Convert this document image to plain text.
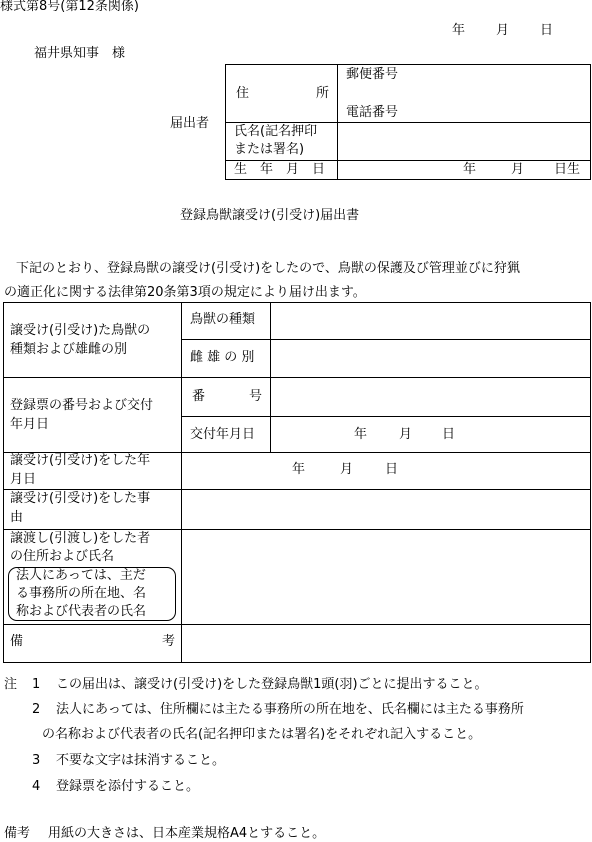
様式第8号(第12条関係)
年 月 日
福井県知事　様
届出者
住 所	郵便番号
電話番号

氏名(記名押印
または署名)	

生　年　月　日	年 月 日生
登録鳥獣譲受け(引受け)届出書
下記のとおり、登録鳥獣の譲受け(引受け)をしたので、鳥獣の保護及び管理並びに狩猟
の適正化に関する法律第20条第3項の規定により届け出ます。
譲受け(引受け)た鳥獣の
種類および雄雌の別	鳥獣の種類	

	雌 雄 の 別	

登録票の番号および交付
年月日	番 号	

	交付年月日	年 月 日

譲受け(引受け)をした年
月日	年 月 日	

譲受け(引受け)をした事
由		

譲渡し(引渡し)をした者
の住所および氏名
法人にあっては、主だ
る事務所の所在地、名
称および代表者の氏名		

備 考		

注 1 この届出は、譲受け(引受け)をした登録鳥獣1頭(羽)ごとに提出すること。
2 法人にあっては、住所欄には主たる事務所の所在地を、氏名欄には主たる事務所
の名称および代表者の氏名(記名押印または署名)をそれぞれ記入すること。
3 不要な文字は抹消すること。
4 登録票を添付すること。
備考 用紙の大きさは、日本産業規格A4とすること。
